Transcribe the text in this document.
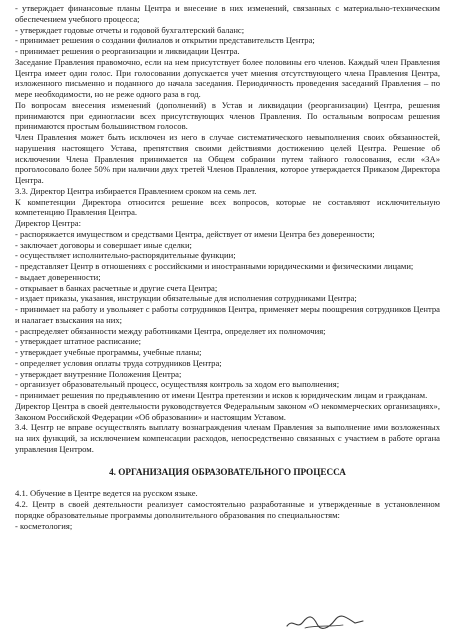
- утверждает финансовые планы Центра и внесение в них изменений, связанных с материально-техническим обеспечением учебного процесса;

- утверждает годовые отчеты и годовой бухгалтерский баланс;

- принимает решения о создании филиалов и открытии представительств Центра;

- принимает решения о реорганизации и ликвидации Центра.

Заседание Правления правомочно, если на нем присутствует более половины его членов. Каждый член Правления Центра имеет один голос. При голосовании допускается учет мнения отсутствующего члена Правления Центра, изложенного письменно и поданного до начала заседания. Периодичность проведения заседаний Правления – по мере необходимости, но не реже одного раза в год.

По вопросам внесения изменений (дополнений) в Устав и ликвидации (реорганизации) Центра, решения принимаются при единогласии всех присутствующих членов Правления. По остальным вопросам решения принимаются простым большинством голосов.

Член Правления может быть исключен из него в случае систематического невыполнения своих обязанностей, нарушения настоящего Устава, препятствия своими действиями достижению целей Центра. Решение об исключении Члена Правления принимается на Общем собрании путем тайного голосования, если «ЗА» проголосовало более 50% при наличии двух третей Членов Правления, которое утверждается Приказом Директора Центра.

3.3. Директор Центра избирается Правлением сроком на семь лет.

К компетенции Директора относится решение всех вопросов, которые не составляют исключительную компетенцию Правления Центра.

Директор Центра:

- распоряжается имуществом и средствами Центра, действует от имени Центра без доверенности;

- заключает договоры и совершает иные сделки;

- осуществляет исполнительно-распорядительные функции;

- представляет Центр в отношениях с российскими и иностранными юридическими и физическими лицами;

- выдает доверенности;

- открывает в банках расчетные и другие счета Центра;

- издает приказы, указания, инструкции обязательные для исполнения сотрудниками Центра;

- принимает на работу и увольняет с работы сотрудников Центра, применяет меры поощрения сотрудников Центра и налагает взыскания на них;

- распределяет обязанности между работниками Центра, определяет их полномочия;

- утверждает штатное расписание;

- утверждает учебные программы, учебные планы;

- определяет условия оплаты труда сотрудников Центра;

- утверждает внутренние Положения Центра;

- организует образовательный процесс, осуществляя контроль за ходом его выполнения;

- принимает решения по предъявлению от имени Центра претензии и исков к юридическим лицам и гражданам.

Директор Центра в своей деятельности руководствуется Федеральным законом «О некоммерческих организациях», Законом Российской Федерации «Об образовании» и настоящим Уставом.

3.4. Центр не вправе осуществлять выплату вознаграждения членам Правления за выполнение ими возложенных на них функций, за исключением компенсации расходов, непосредственно связанных с участием в работе органа управления Центром.

4. ОРГАНИЗАЦИЯ ОБРАЗОВАТЕЛЬНОГО ПРОЦЕССА

4.1. Обучение в Центре ведется на русском языке.

4.2. Центр в своей деятельности реализует самостоятельно разработанные и утвержденные в установленном порядке образовательные программы дополнительного образования по специальностям:

- косметология;
